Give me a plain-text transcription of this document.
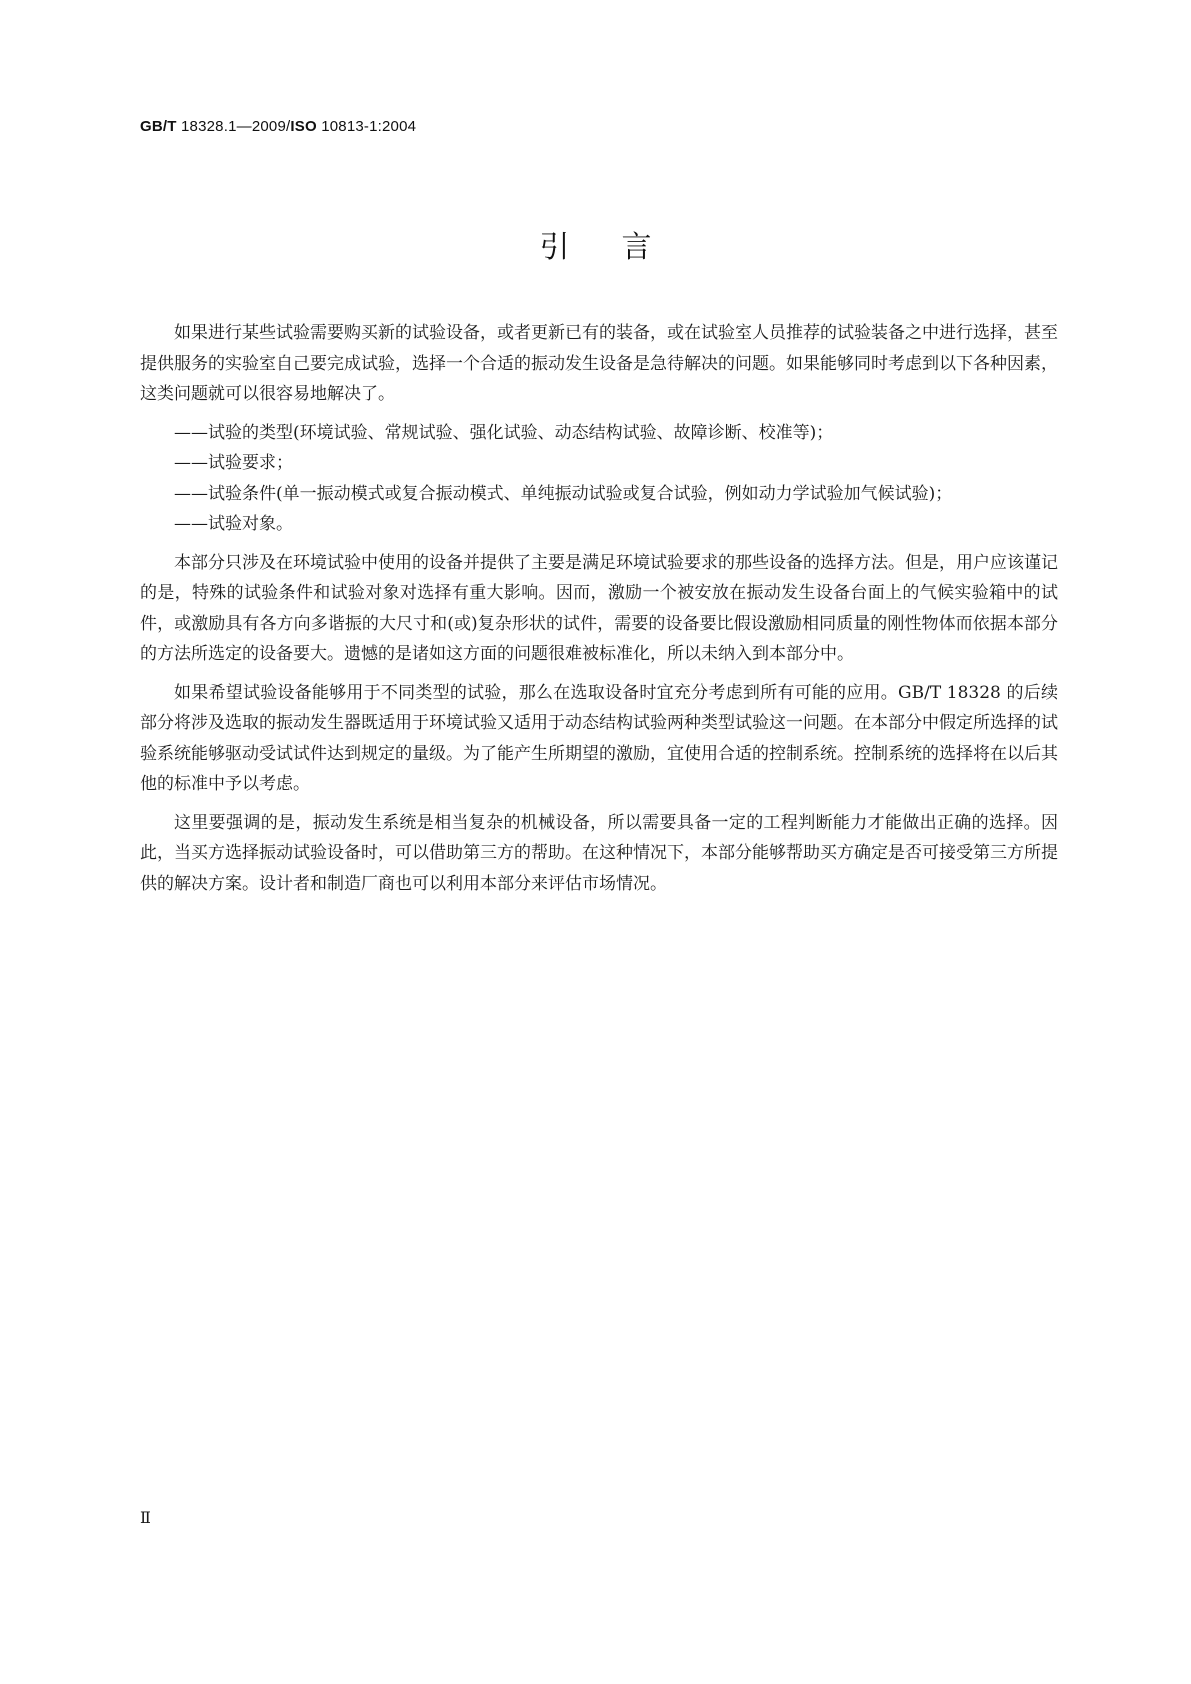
GB/T 18328.1—2009/ISO 10813-1:2004
引言

如果进行某些试验需要购买新的试验设备，或者更新已有的装备，或在试验室人员推荐的试验装备之中进行选择，甚至提供服务的实验室自己要完成试验，选择一个合适的振动发生设备是急待解决的问题。如果能够同时考虑到以下各种因素，这类问题就可以很容易地解决了。

——试验的类型(环境试验、常规试验、强化试验、动态结构试验、故障诊断、校准等)；
——试验要求；
——试验条件(单一振动模式或复合振动模式、单纯振动试验或复合试验，例如动力学试验加气候试验)；
——试验对象。

本部分只涉及在环境试验中使用的设备并提供了主要是满足环境试验要求的那些设备的选择方法。但是，用户应该谨记的是，特殊的试验条件和试验对象对选择有重大影响。因而，激励一个被安放在振动发生设备台面上的气候实验箱中的试件，或激励具有各方向多谐振的大尺寸和(或)复杂形状的试件，需要的设备要比假设激励相同质量的刚性物体而依据本部分的方法所选定的设备要大。遗憾的是诸如这方面的问题很难被标准化，所以未纳入到本部分中。

如果希望试验设备能够用于不同类型的试验，那么在选取设备时宜充分考虑到所有可能的应用。GB/T 18328 的后续部分将涉及选取的振动发生器既适用于环境试验又适用于动态结构试验两种类型试验这一问题。在本部分中假定所选择的试验系统能够驱动受试试件达到规定的量级。为了能产生所期望的激励，宜使用合适的控制系统。控制系统的选择将在以后其他的标准中予以考虑。

这里要强调的是，振动发生系统是相当复杂的机械设备，所以需要具备一定的工程判断能力才能做出正确的选择。因此，当买方选择振动试验设备时，可以借助第三方的帮助。在这种情况下，本部分能够帮助买方确定是否可接受第三方所提供的解决方案。设计者和制造厂商也可以利用本部分来评估市场情况。

Ⅱ
